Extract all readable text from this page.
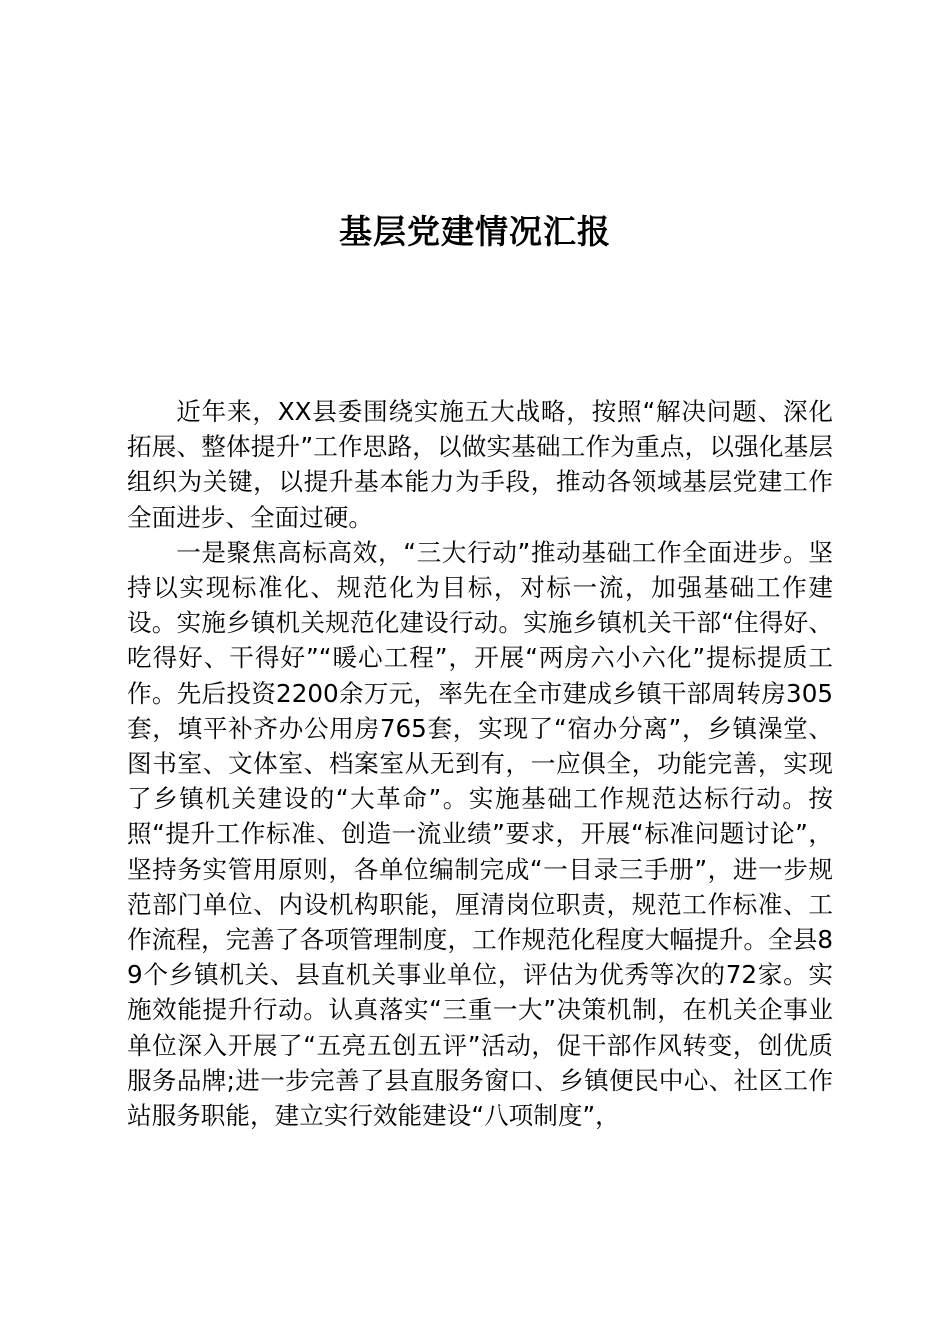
基层党建情况汇报

近年来，XX县委围绕实施五大战略，按照“解决问题、深化拓展、整体提升”工作思路，以做实基础工作为重点，以强化基层组织为关键，以提升基本能力为手段，推动各领域基层党建工作全面进步、全面过硬。

一是聚焦高标高效，“三大行动”推动基础工作全面进步。坚持以实现标准化、规范化为目标，对标一流，加强基础工作建设。实施乡镇机关规范化建设行动。实施乡镇机关干部“住得好、吃得好、干得好”“暖心工程”，开展“两房六小六化”提标提质工作。先后投资2200余万元，率先在全市建成乡镇干部周转房305套，填平补齐办公用房765套，实现了“宿办分离”，乡镇澡堂、图书室、文体室、档案室从无到有，一应俱全，功能完善，实现了乡镇机关建设的“大革命”。实施基础工作规范达标行动。按照“提升工作标准、创造一流业绩”要求，开展“标准问题讨论”，坚持务实管用原则，各单位编制完成“一目录三手册”，进一步规范部门单位、内设机构职能，厘清岗位职责，规范工作标准、工作流程，完善了各项管理制度，工作规范化程度大幅提升。全县89个乡镇机关、县直机关事业单位，评估为优秀等次的72家。实施效能提升行动。认真落实“三重一大”决策机制，在机关企事业单位深入开展了“五亮五创五评”活动，促干部作风转变，创优质服务品牌;进一步完善了县直服务窗口、乡镇便民中心、社区工作站服务职能，建立实行效能建设“八项制度”，
